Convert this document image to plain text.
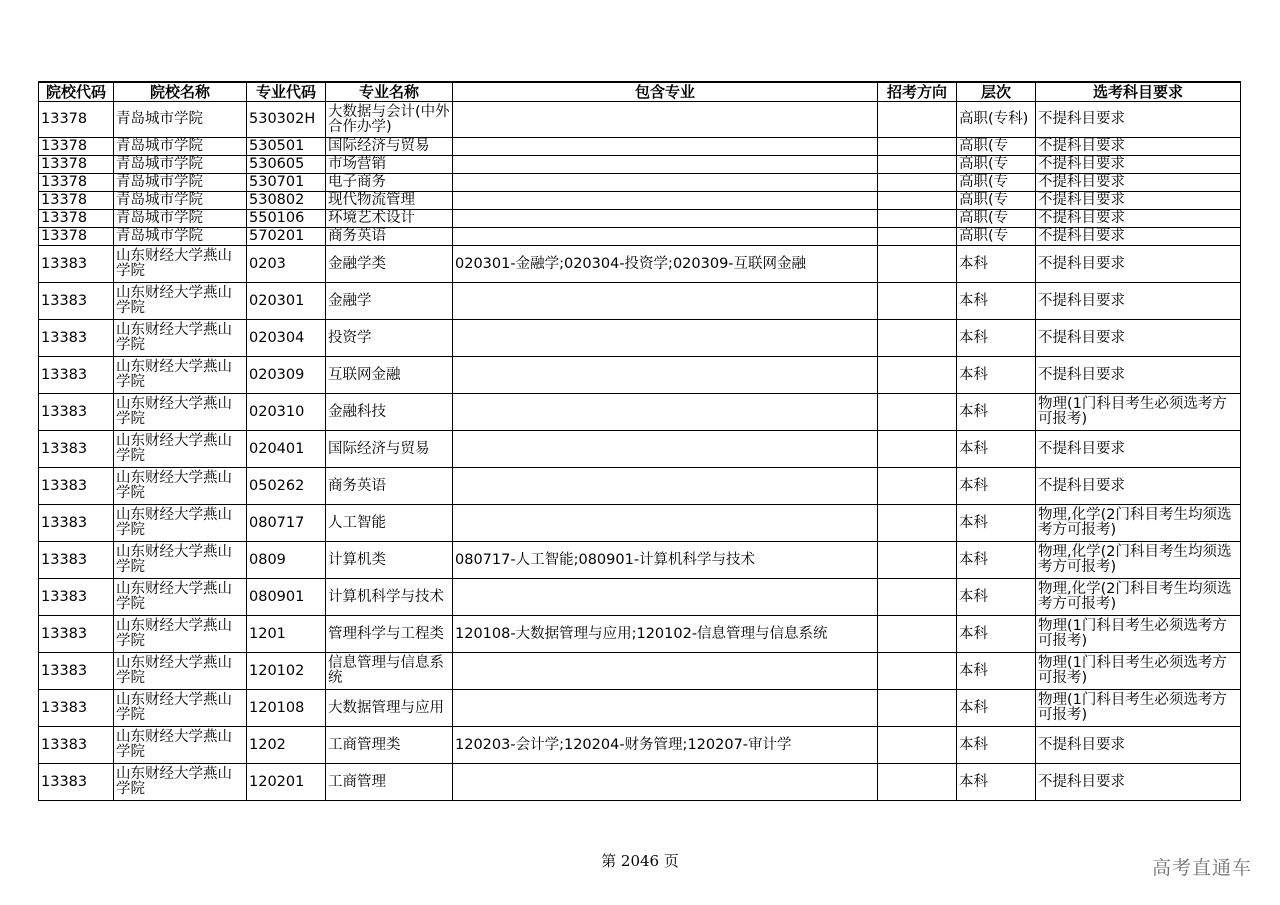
院校代码	院校名称	专业代码	专业名称	包含专业	招考方向	层次	选考科目要求
13378	青岛城市学院	530302H	大数据与会计(中外合作办学)			高职(专科)	不提科目要求
13378	青岛城市学院	530501	国际经济与贸易			高职(专	不提科目要求
13378	青岛城市学院	530605	市场营销			高职(专	不提科目要求
13378	青岛城市学院	530701	电子商务			高职(专	不提科目要求
13378	青岛城市学院	530802	现代物流管理			高职(专	不提科目要求
13378	青岛城市学院	550106	环境艺术设计			高职(专	不提科目要求
13378	青岛城市学院	570201	商务英语			高职(专	不提科目要求
13383	山东财经大学燕山学院	0203	金融学类	020301-金融学;020304-投资学;020309-互联网金融		本科	不提科目要求
13383	山东财经大学燕山学院	020301	金融学			本科	不提科目要求
13383	山东财经大学燕山学院	020304	投资学			本科	不提科目要求
13383	山东财经大学燕山学院	020309	互联网金融			本科	不提科目要求
13383	山东财经大学燕山学院	020310	金融科技			本科	物理(1门科目考生必须选考方可报考)
13383	山东财经大学燕山学院	020401	国际经济与贸易			本科	不提科目要求
13383	山东财经大学燕山学院	050262	商务英语			本科	不提科目要求
13383	山东财经大学燕山学院	080717	人工智能			本科	物理,化学(2门科目考生均须选考方可报考)
13383	山东财经大学燕山学院	0809	计算机类	080717-人工智能;080901-计算机科学与技术		本科	物理,化学(2门科目考生均须选考方可报考)
13383	山东财经大学燕山学院	080901	计算机科学与技术			本科	物理,化学(2门科目考生均须选考方可报考)
13383	山东财经大学燕山学院	1201	管理科学与工程类	120108-大数据管理与应用;120102-信息管理与信息系统		本科	物理(1门科目考生必须选考方可报考)
13383	山东财经大学燕山学院	120102	信息管理与信息系统			本科	物理(1门科目考生必须选考方可报考)
13383	山东财经大学燕山学院	120108	大数据管理与应用			本科	物理(1门科目考生必须选考方可报考)
13383	山东财经大学燕山学院	1202	工商管理类	120203-会计学;120204-财务管理;120207-审计学		本科	不提科目要求
13383	山东财经大学燕山学院	120201	工商管理			本科	不提科目要求
第 2046 页	高考直通车
